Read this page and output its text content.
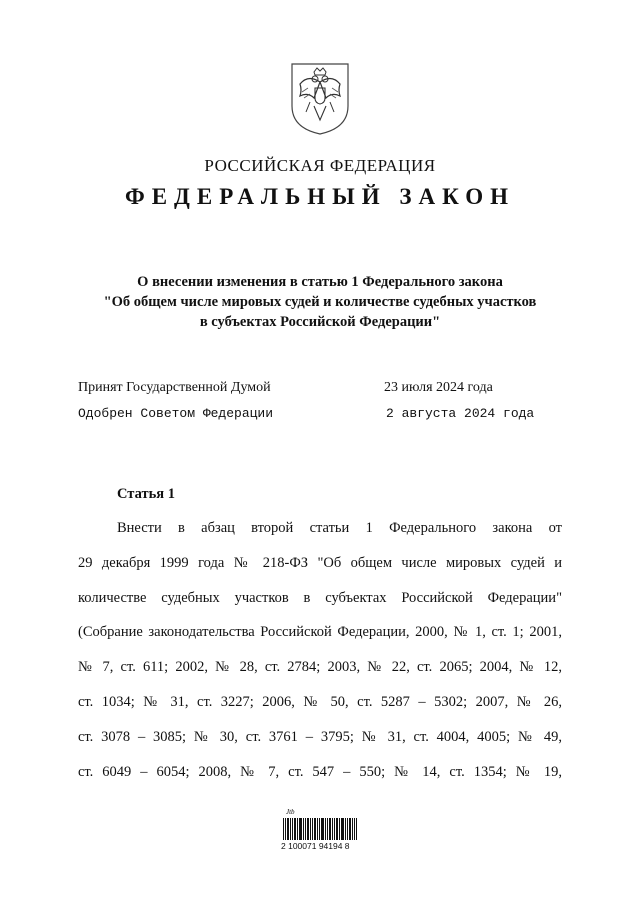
РОССИЙСКАЯ ФЕДЕРАЦИЯ
ФЕДЕРАЛЬНЫЙ ЗАКОН
О внесении изменения в статью 1 Федерального закона
"Об общем числе мировых судей и количестве судебных участков
в субъектах Российской Федерации"
Принят Государственной Думой	23 июля 2024 года
Одобрен Советом Федерации	2 августа 2024 года
Статья 1
Внести в абзац второй статьи 1 Федерального закона от
29 декабря 1999 года № 218-ФЗ "Об общем числе мировых судей и
количестве судебных участков в субъектах Российской Федерации"
(Собрание законодательства Российской Федерации, 2000, № 1, ст. 1; 2001,
№ 7, ст. 611; 2002, № 28, ст. 2784; 2003, № 22, ст. 2065; 2004, № 12,
ст. 1034; № 31, ст. 3227; 2006, № 50, ст. 5287 – 5302; 2007, № 26,
ст. 3078 – 3085; № 30, ст. 3761 – 3795; № 31, ст. 4004, 4005; № 49,
ст. 6049 – 6054; 2008, № 7, ст. 547 – 550; № 14, ст. 1354; № 19,
Jtb
2 100071 94194 8
